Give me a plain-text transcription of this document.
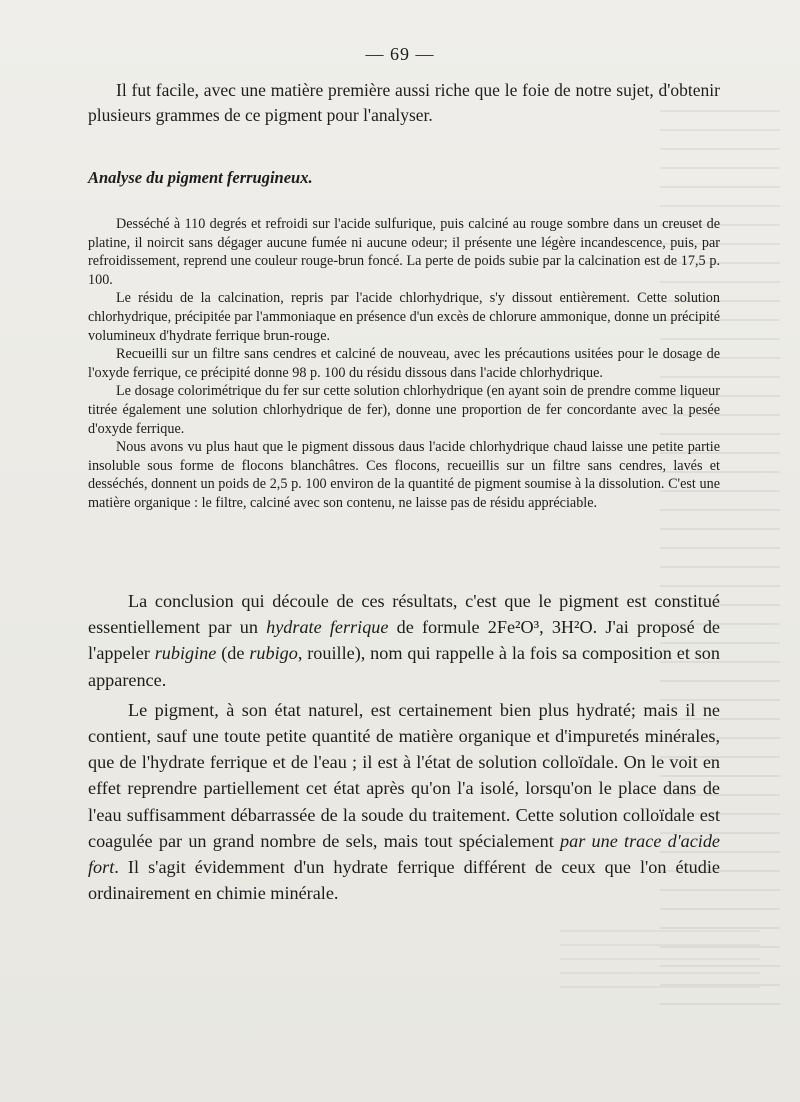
— 69 —

Il fut facile, avec une matière première aussi riche que le foie de notre sujet, d'obtenir plusieurs grammes de ce pigment pour l'analyser.

Analyse du pigment ferrugineux.

Desséché à 110 degrés et refroidi sur l'acide sulfurique, puis calciné au rouge sombre dans un creuset de platine, il noircit sans dégager aucune fumée ni aucune odeur; il présente une légère incandescence, puis, par refroidissement, reprend une couleur rouge-brun foncé. La perte de poids subie par la calcination est de 17,5 p. 100.

Le résidu de la calcination, repris par l'acide chlorhydrique, s'y dissout entièrement. Cette solution chlorhydrique, précipitée par l'ammoniaque en présence d'un excès de chlorure ammonique, donne un précipité volumineux d'hydrate ferrique brun-rouge.

Recueilli sur un filtre sans cendres et calciné de nouveau, avec les précautions usitées pour le dosage de l'oxyde ferrique, ce précipité donne 98 p. 100 du résidu dissous dans l'acide chlorhydrique.

Le dosage colorimétrique du fer sur cette solution chlorhydrique (en ayant soin de prendre comme liqueur titrée également une solution chlorhydrique de fer), donne une proportion de fer concordante avec la pesée d'oxyde ferrique.

Nous avons vu plus haut que le pigment dissous daus l'acide chlorhydrique chaud laisse une petite partie insoluble sous forme de flocons blanchâtres. Ces flocons, recueillis sur un filtre sans cendres, lavés et desséchés, donnent un poids de 2,5 p. 100 environ de la quantité de pigment soumise à la dissolution. C'est une matière organique : le filtre, calciné avec son contenu, ne laisse pas de résidu appréciable.

La conclusion qui découle de ces résultats, c'est que le pigment est constitué essentiellement par un hydrate ferrique de formule 2Fe²O³, 3H²O. J'ai proposé de l'appeler rubigine (de rubigo, rouille), nom qui rappelle à la fois sa composition et son apparence.

Le pigment, à son état naturel, est certainement bien plus hydraté; mais il ne contient, sauf une toute petite quantité de matière organique et d'impuretés minérales, que de l'hydrate ferrique et de l'eau ; il est à l'état de solution colloïdale. On le voit en effet reprendre partiellement cet état après qu'on l'a isolé, lorsqu'on le place dans de l'eau suffisamment débarrassée de la soude du traitement. Cette solution colloïdale est coagulée par un grand nombre de sels, mais tout spécialement par une trace d'acide fort. Il s'agit évidemment d'un hydrate ferrique différent de ceux que l'on étudie ordinairement en chimie minérale.
